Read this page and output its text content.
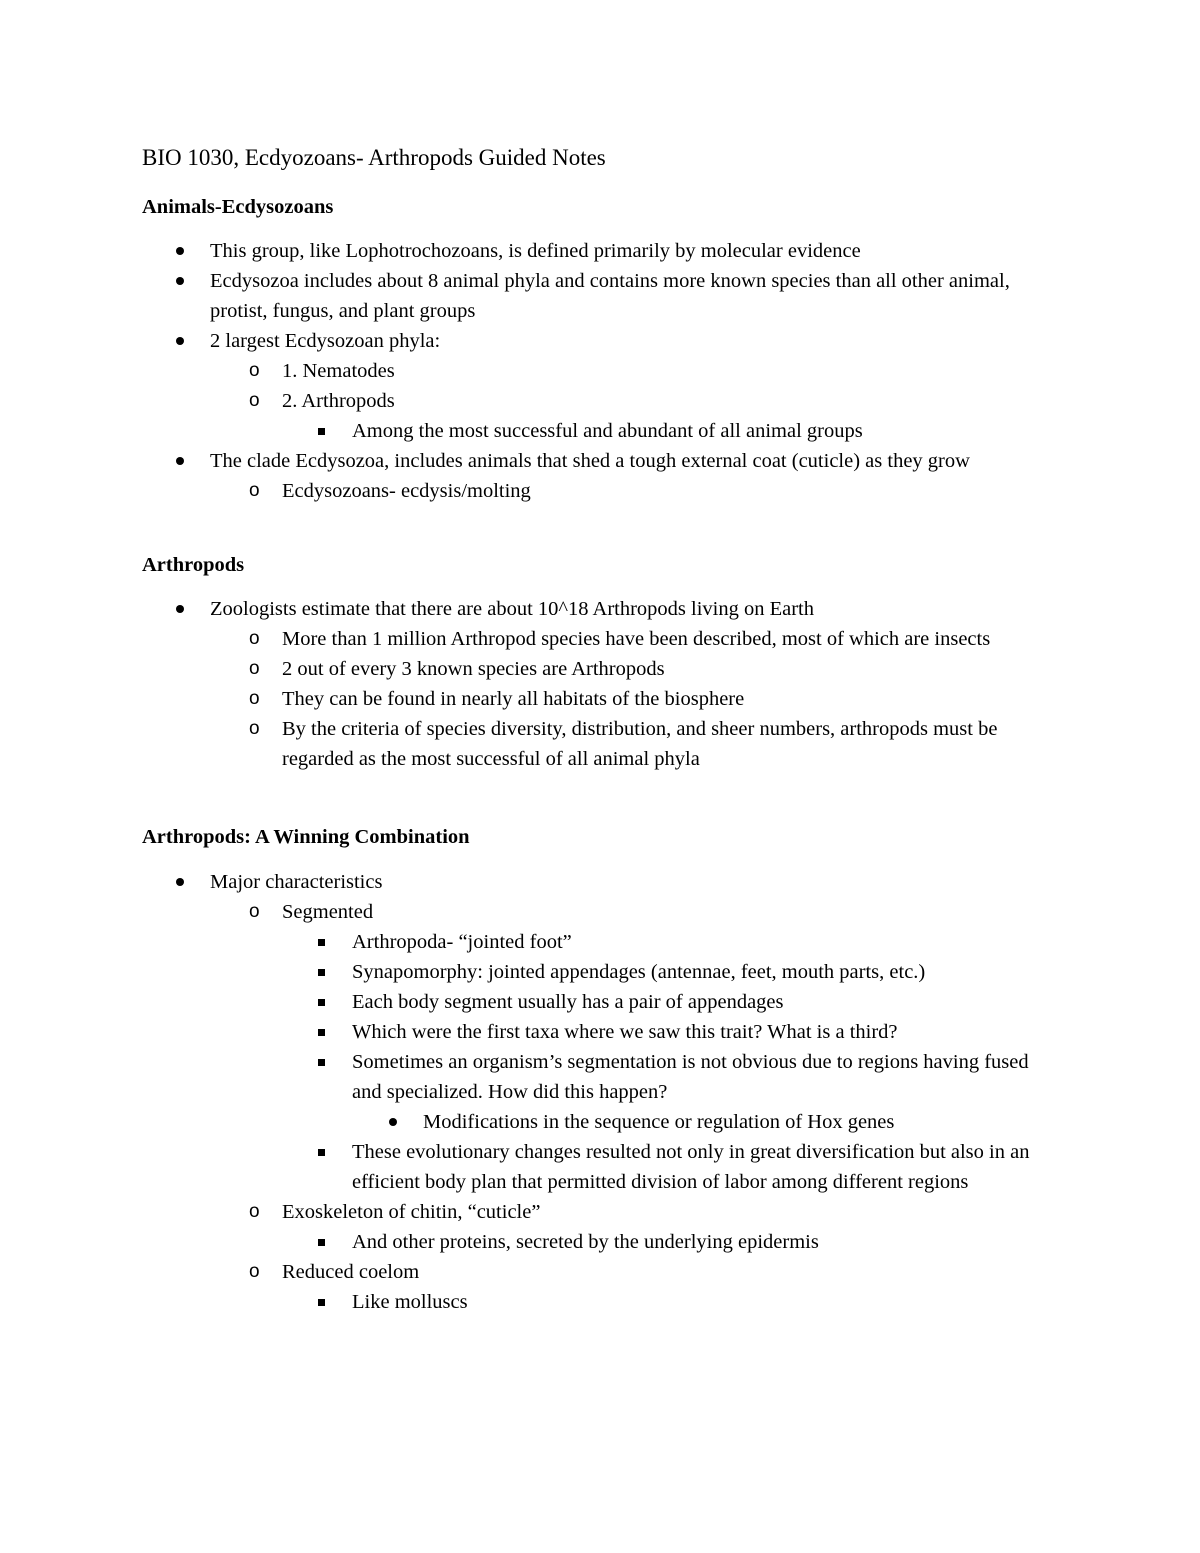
BIO 1030, Ecdyozoans- Arthropods Guided Notes
Animals-Ecdysozoans
This group, like Lophotrochozoans, is defined primarily by molecular evidence
Ecdysozoa includes about 8 animal phyla and contains more known species than all other animal, protist, fungus, and plant groups
2 largest Ecdysozoan phyla:
o 1. Nematodes
o 2. Arthropods
Among the most successful and abundant of all animal groups
The clade Ecdysozoa, includes animals that shed a tough external coat (cuticle) as they grow
o Ecdysozoans- ecdysis/molting
Arthropods
Zoologists estimate that there are about 10^18 Arthropods living on Earth
o More than 1 million Arthropod species have been described, most of which are insects
o 2 out of every 3 known species are Arthropods
o They can be found in nearly all habitats of the biosphere
o By the criteria of species diversity, distribution, and sheer numbers, arthropods must be regarded as the most successful of all animal phyla
Arthropods: A Winning Combination
Major characteristics
o Segmented
Arthropoda- “jointed foot”
Synapomorphy: jointed appendages (antennae, feet, mouth parts, etc.)
Each body segment usually has a pair of appendages
Which were the first taxa where we saw this trait? What is a third?
Sometimes an organism’s segmentation is not obvious due to regions having fused and specialized. How did this happen?
Modifications in the sequence or regulation of Hox genes
These evolutionary changes resulted not only in great diversification but also in an efficient body plan that permitted division of labor among different regions
o Exoskeleton of chitin, “cuticle”
And other proteins, secreted by the underlying epidermis
o Reduced coelom
Like molluscs
